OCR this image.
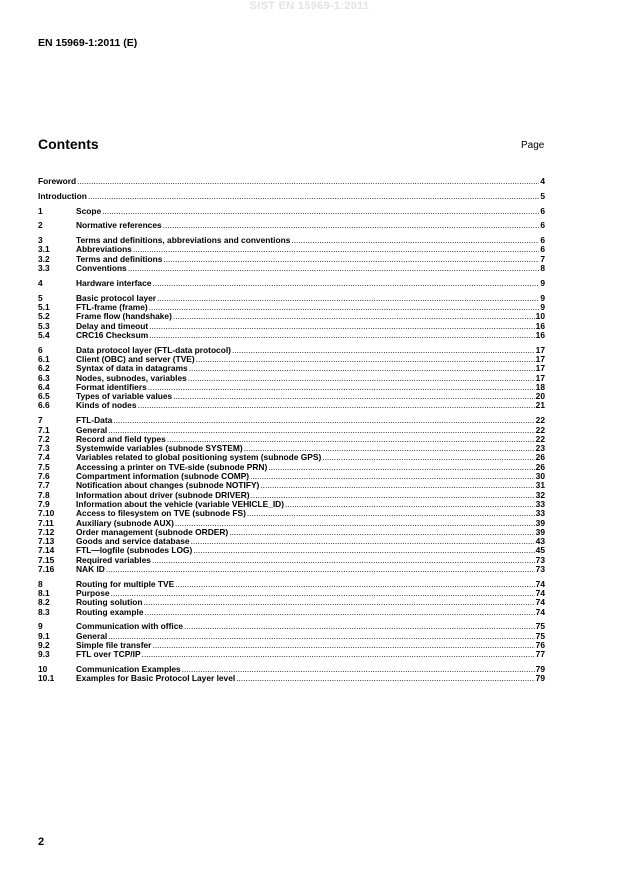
SIST EN 15969-1:2011
EN 15969-1:2011 (E)
Contents	Page
Foreword .....	4
Introduction .....	5
1	Scope .....	6
2	Normative references .....	6
3	Terms and definitions, abbreviations and conventions .....	6
3.1	Abbreviations .....	6
3.2	Terms and definitions .....	7
3.3	Conventions .....	8
4	Hardware interface .....	9
5	Basic protocol layer .....	9
5.1	FTL-frame (frame) .....	9
5.2	Frame flow (handshake) .....	10
5.3	Delay and timeout .....	16
5.4	CRC16 Checksum .....	16
6	Data protocol layer (FTL-data protocol) .....	17
6.1	Client (OBC) and server (TVE) .....	17
6.2	Syntax of data in datagrams .....	17
6.3	Nodes, subnodes, variables .....	17
6.4	Format identifiers .....	18
6.5	Types of variable values .....	20
6.6	Kinds of nodes .....	21
7	FTL-Data .....	22
7.1	General .....	22
7.2	Record and field types .....	22
7.3	Systemwide variables (subnode SYSTEM) .....	23
7.4	Variables related to global positioning system (subnode GPS) .....	26
7.5	Accessing a printer on TVE-side (subnode PRN) .....	26
7.6	Compartment information (subnode COMP) .....	30
7.7	Notification about changes (subnode NOTIFY) .....	31
7.8	Information about driver (subnode DRIVER) .....	32
7.9	Information about the vehicle (variable VEHICLE_ID) .....	33
7.10	Access to filesystem on TVE (subnode FS) .....	33
7.11	Auxiliary (subnode AUX) .....	39
7.12	Order management (subnode ORDER) .....	39
7.13	Goods and service database .....	43
7.14	FTL—logfile (subnodes LOG) .....	45
7.15	Required variables .....	73
7.16	NAK ID .....	73
8	Routing for multiple TVE .....	74
8.1	Purpose .....	74
8.2	Routing solution .....	74
8.3	Routing example .....	74
9	Communication with office .....	75
9.1	General .....	75
9.2	Simple file transfer .....	76
9.3	FTL over TCP/IP .....	77
10	Communication Examples .....	79
10.1	Examples for Basic Protocol Layer level .....	79
2
